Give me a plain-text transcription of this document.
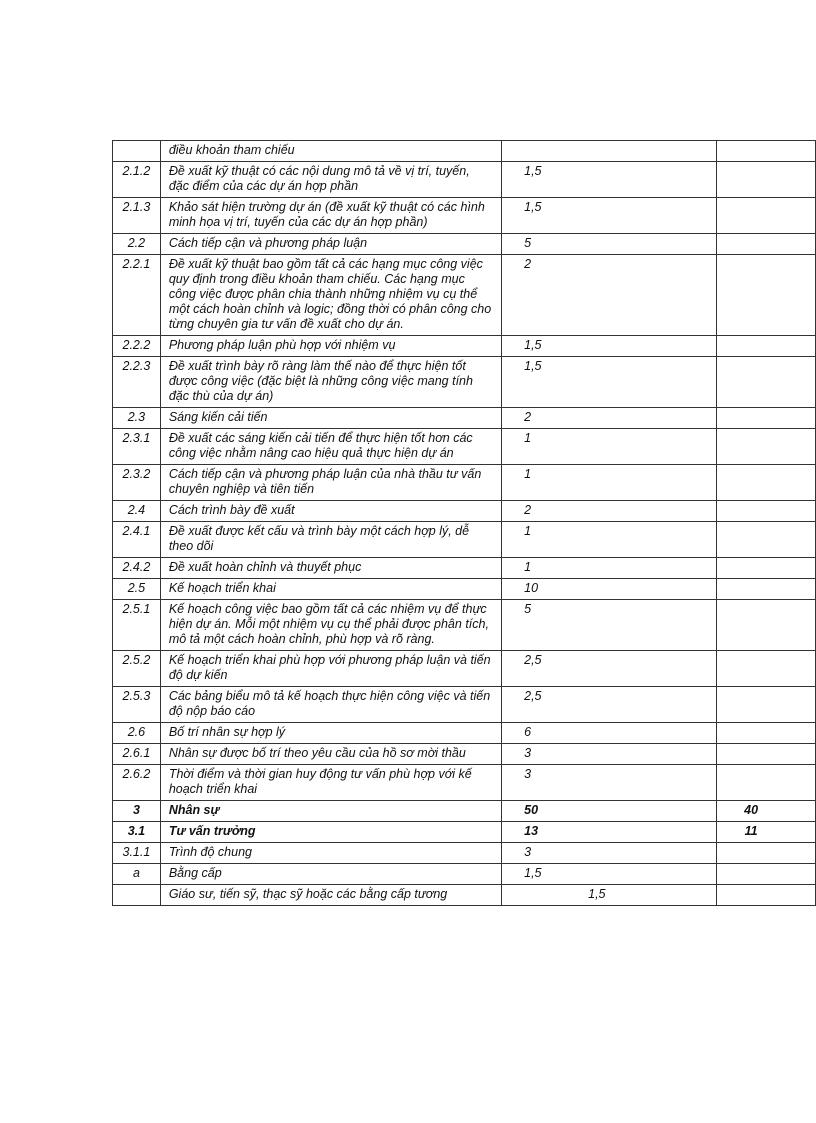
	điều khoản tham chiếu		
2.1.2	Đề xuất kỹ thuật có các nội dung mô tả về vị trí, tuyến, đặc điểm của các dự án hợp phần	1,5	
2.1.3	Khảo sát hiện trường dự án (đề xuất kỹ thuật có các hình minh họa vị trí, tuyến của các dự án hợp phần)	1,5	
2.2	Cách tiếp cận và phương pháp luận	5	
2.2.1	Đề xuất kỹ thuật bao gồm tất cả các hạng mục công việc quy định trong điều khoản tham chiếu. Các hạng mục công việc được phân chia thành những nhiệm vụ cụ thể một cách hoàn chỉnh và logic; đồng thời có phân công cho từng chuyên gia tư vấn đề xuất cho dự án.	2	
2.2.2	Phương pháp luận phù hợp với nhiệm vụ	1,5	
2.2.3	Đề xuất trình bày rõ ràng làm thế nào để thực hiện tốt được công việc (đặc biệt là những công việc mang tính đặc thù của dự án)	1,5	
2.3	Sáng kiến cải tiến	2	
2.3.1	Đề xuất các sáng kiến cải tiến để thực hiện tốt hơn các công việc nhằm nâng cao hiệu quả thực hiện dự án	1	
2.3.2	Cách tiếp cận và phương pháp luận của nhà thầu tư vấn chuyên nghiệp và tiên tiến	1	
2.4	Cách trình bày đề xuất	2	
2.4.1	Đề xuất được kết cấu và trình bày một cách hợp lý, dễ theo dõi	1	
2.4.2	Đề xuất hoàn chỉnh và thuyết phục	1	
2.5	Kế hoạch triển khai	10	
2.5.1	Kế hoạch công việc bao gồm tất cả các nhiệm vụ để thực hiện dự án. Mỗi một nhiệm vụ cụ thể phải được phân tích, mô tả một cách hoàn chỉnh, phù hợp và rõ ràng.	5	
2.5.2	Kế hoạch triển khai phù hợp với phương pháp luận và tiến độ dự kiến	2,5	
2.5.3	Các bảng biểu mô tả kế hoạch thực hiện công việc và tiến độ nộp báo cáo	2,5	
2.6	Bố trí nhân sự hợp lý	6	
2.6.1	Nhân sự được bố trí theo yêu cầu của hồ sơ mời thầu	3	
2.6.2	Thời điểm và thời gian huy động tư vấn phù hợp với kế hoạch triển khai	3	
3	Nhân sự	50	40
3.1	Tư vấn trưởng	13	11
3.1.1	Trình độ chung	3	
a	Bằng cấp	1,5	
	Giáo sư, tiến sỹ, thạc sỹ hoặc các bằng cấp tương	1,5	
